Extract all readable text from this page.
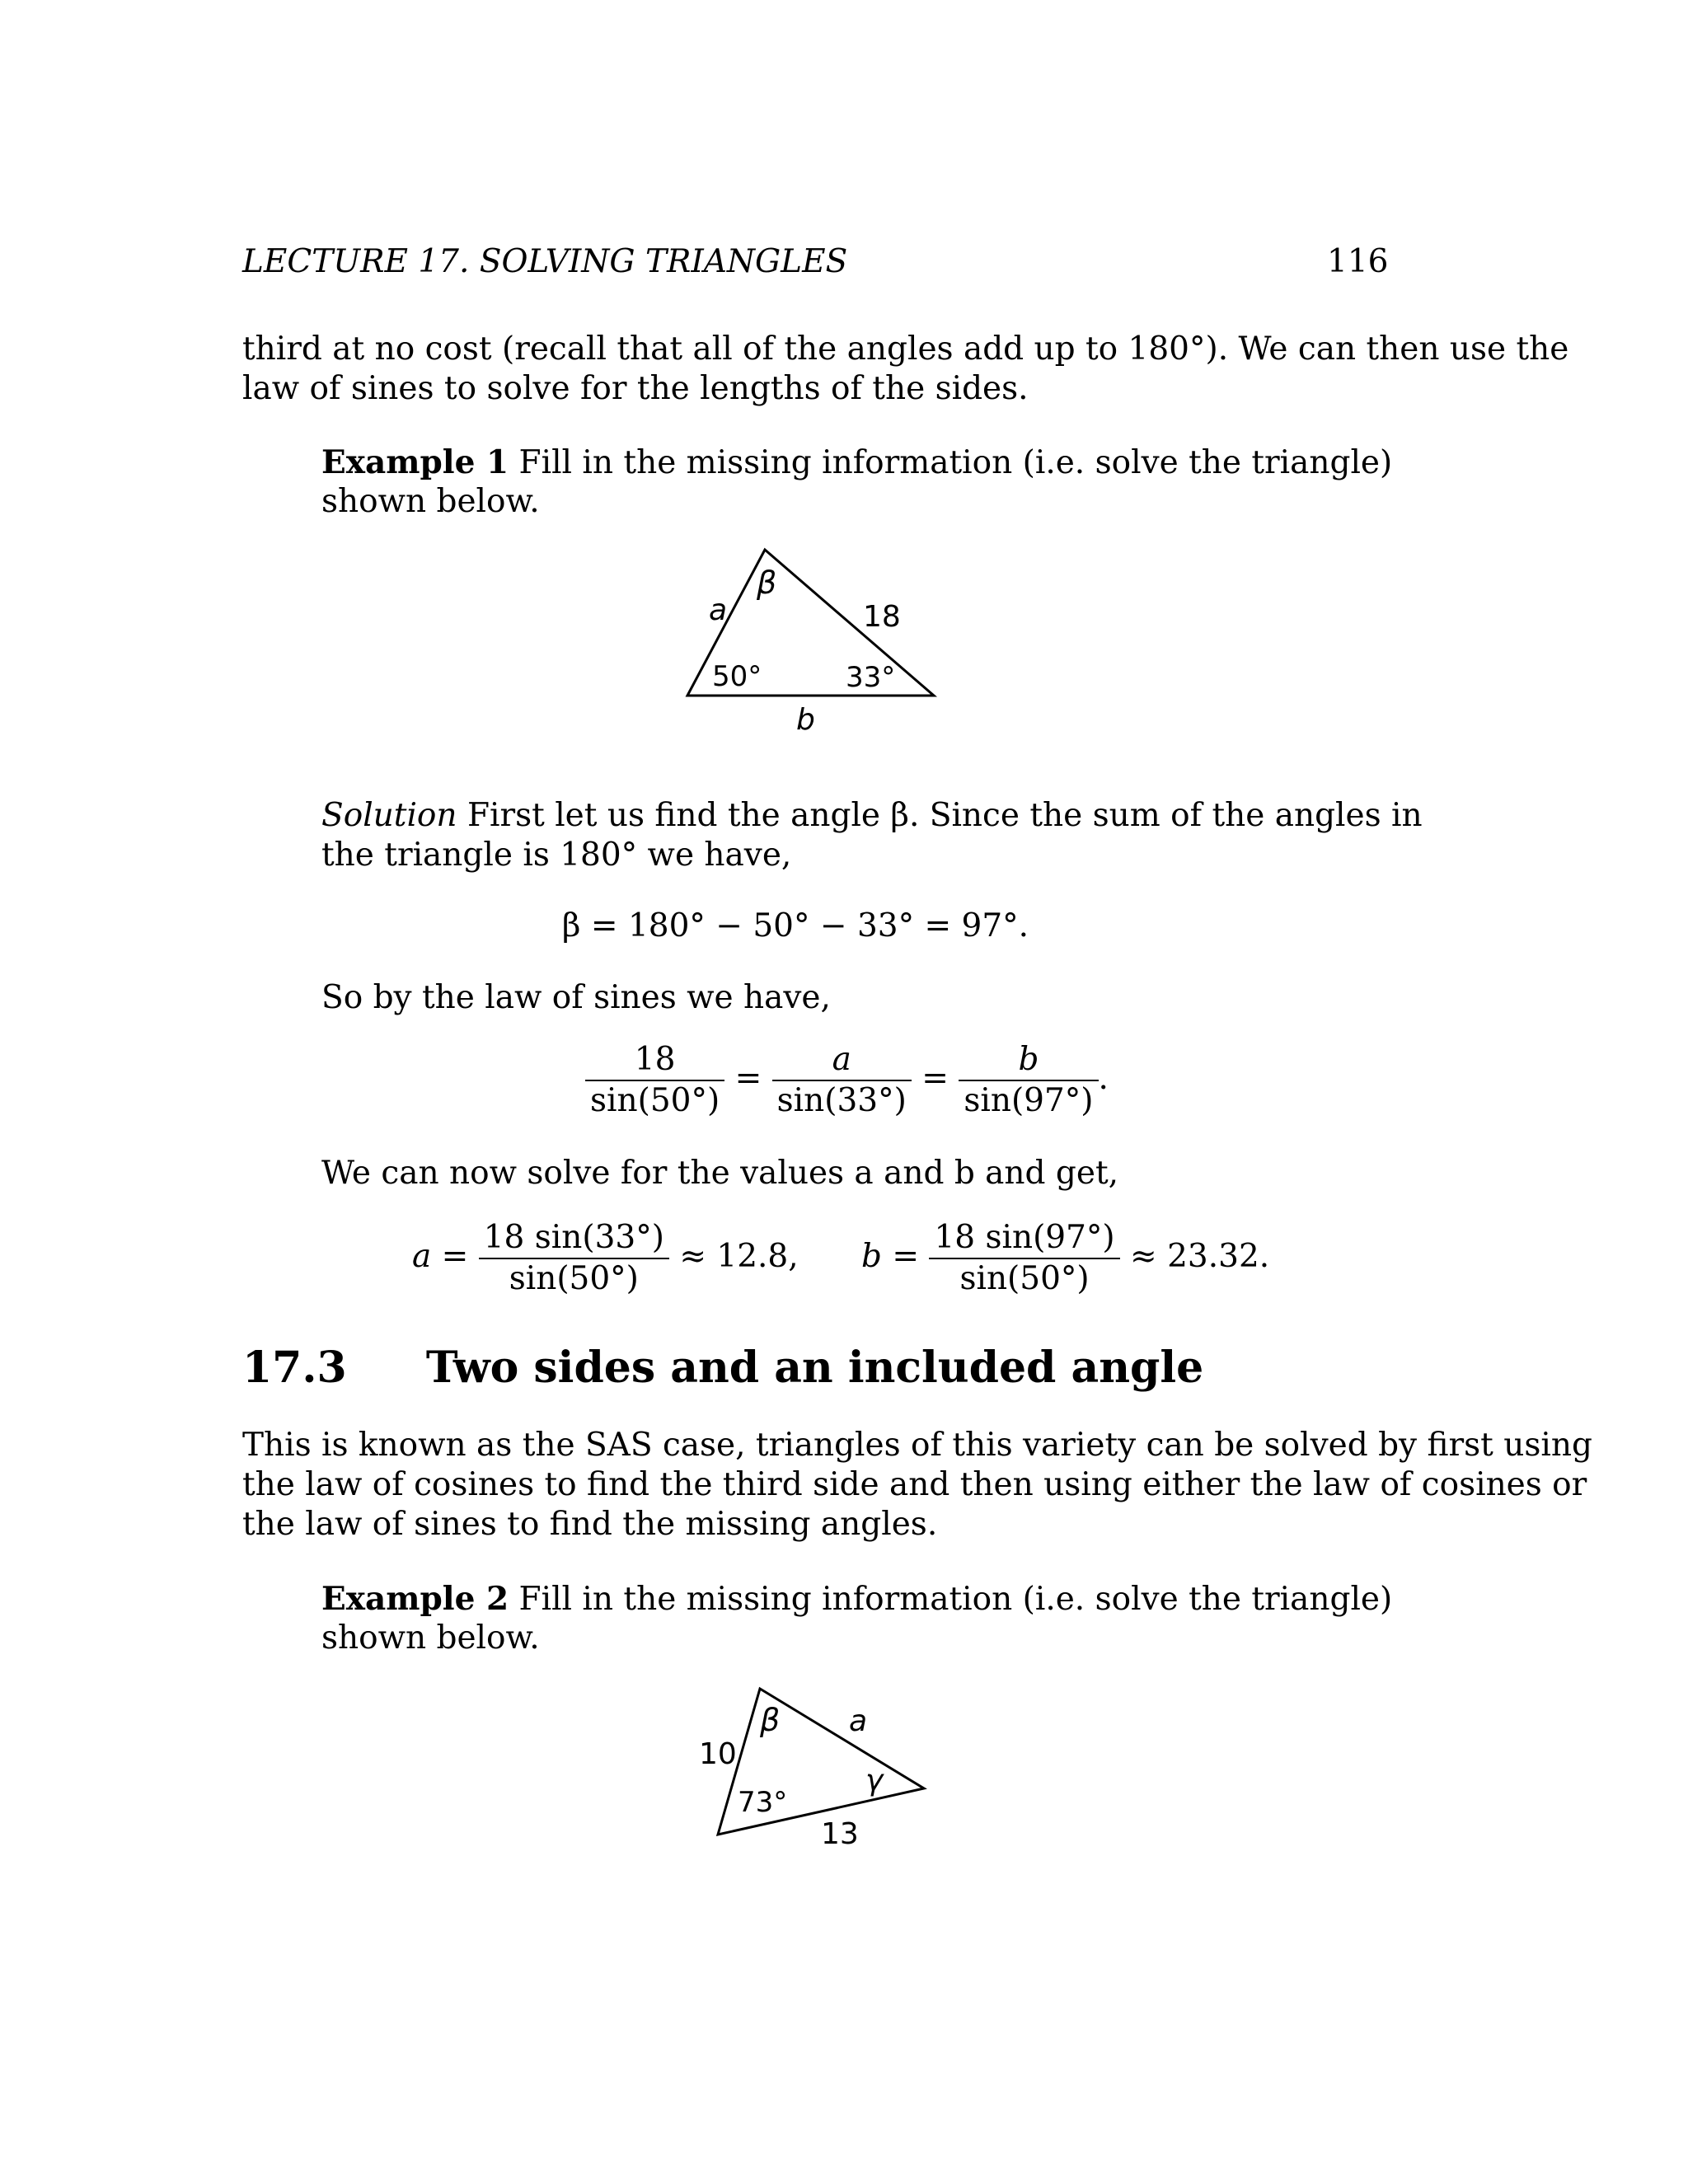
LECTURE 17. SOLVING TRIANGLES	116
third at no cost (recall that all of the angles add up to 180°). We can then use the
law of sines to solve for the lengths of the sides.
Example 1 Fill in the missing information (i.e. solve the triangle)
shown below.
a	18
b
β
50°	33°
10
a
13
β
73°
γ
Solution First let us find the angle β. Since the sum of the angles in
the triangle is 180° we have,
β = 180° − 50° − 33° = 97°.
So by the law of sines we have,
$\frac{18}{\sin(50^\circ)} = \frac{a}{\sin(33^\circ)} = \frac{b}{\sin(97^\circ)}$ .
We can now solve for the values a and b and get,
$a = \frac{18 \sin(33^\circ)}{\sin(50^\circ)} \approx 12.8$, $b = \frac{18 \sin(97^\circ)}{\sin(50^\circ)} \approx 23.32$.
17.3 Two sides and an included angle
This is known as the SAS case, triangles of this variety can be solved by first using
the law of cosines to find the third side and then using either the law of cosines or
the law of sines to find the missing angles.
Example 2 Fill in the missing information (i.e. solve the triangle)
shown below.
